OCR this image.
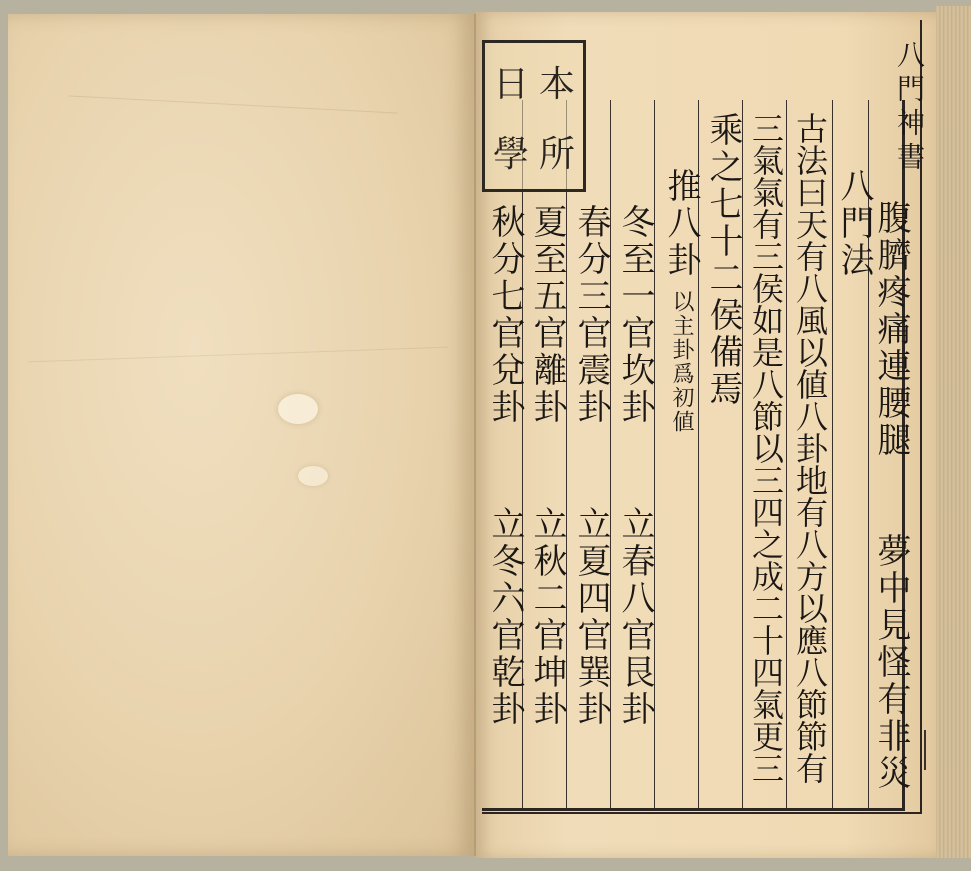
八門神書
日 本
學 所
腹臍疼痛連腰腿　　夢中見怪有非災
八門法
古法曰天有八風以値八卦地有八方以應八節節有
三氣氣有三侯如是八節以三四之成二十四氣更三
乘之七十二侯備焉
推八卦
以主卦爲初値
冬至一官坎卦
立春八官艮卦
春分三官震卦
立夏四官巽卦
夏至五官離卦
立秋二官坤卦
秋分七官兌卦
立冬六官乾卦
